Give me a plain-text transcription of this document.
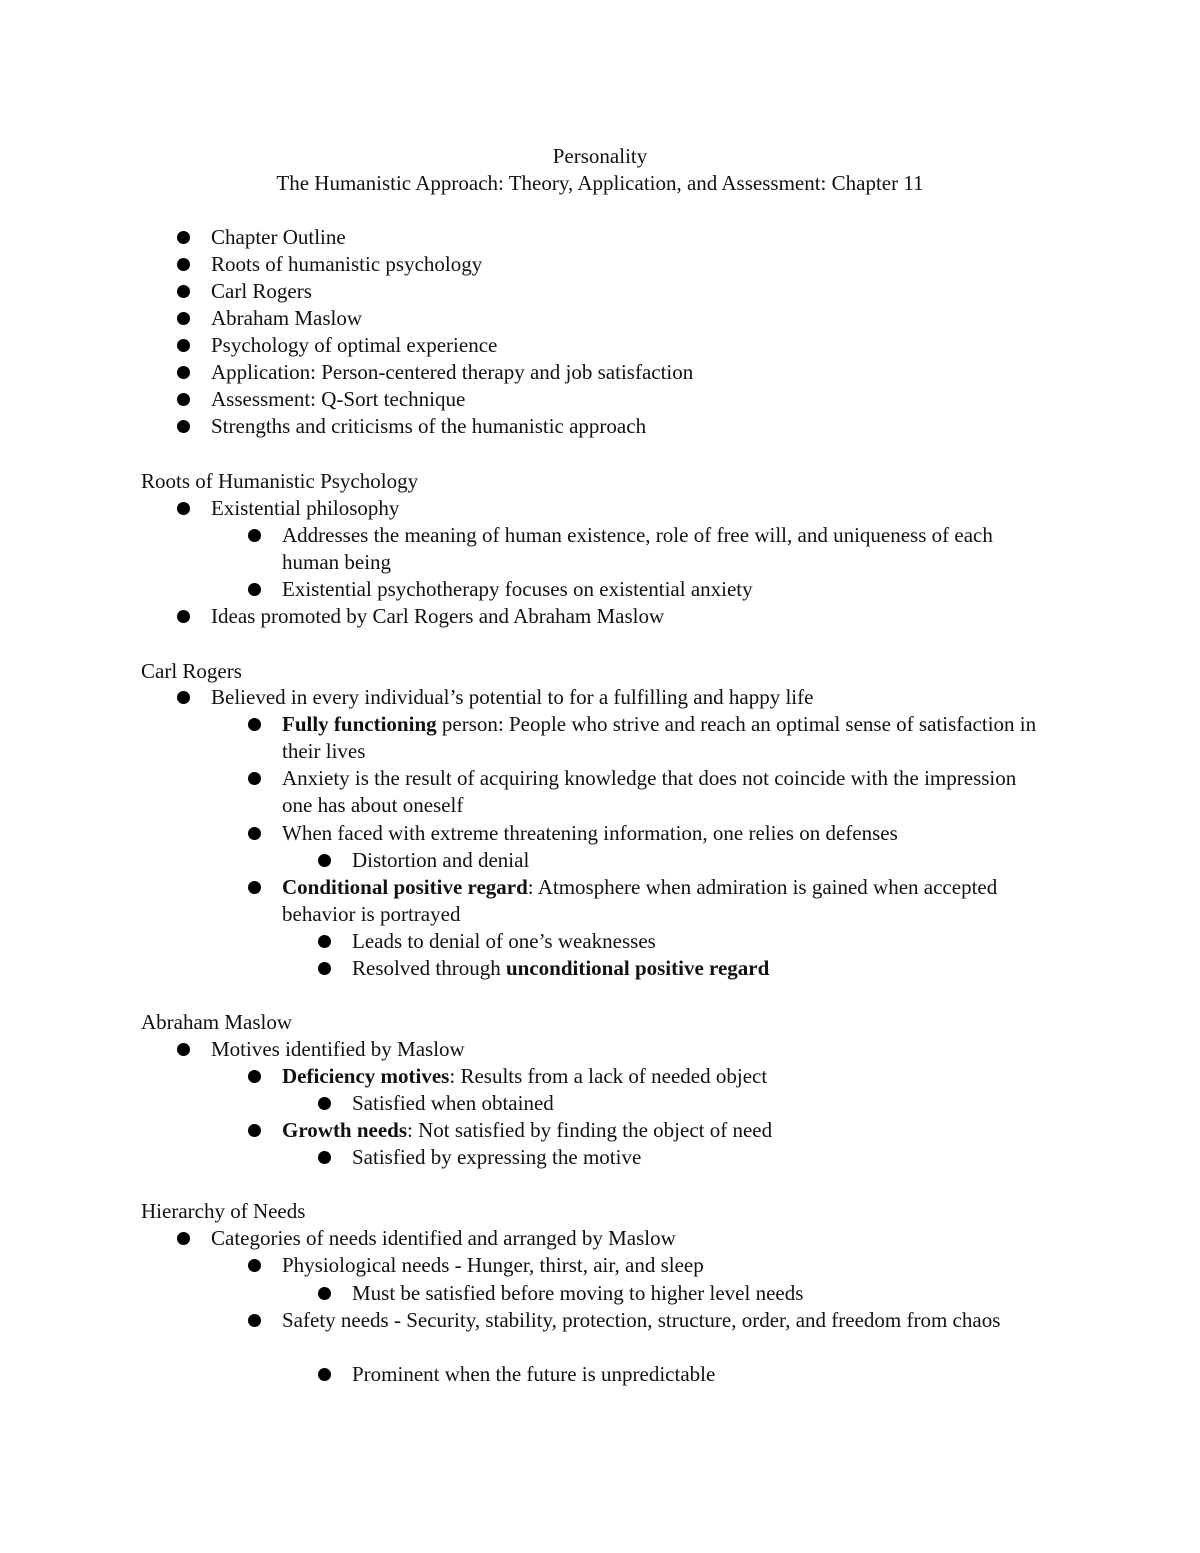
Personality
The Humanistic Approach: Theory, Application, and Assessment: Chapter 11
Chapter Outline
Roots of humanistic psychology
Carl Rogers
Abraham Maslow
Psychology of optimal experience
Application: Person-centered therapy and job satisfaction
Assessment: Q-Sort technique
Strengths and criticisms of the humanistic approach
Roots of Humanistic Psychology
Existential philosophy
Addresses the meaning of human existence, role of free will, and uniqueness of each human being
Existential psychotherapy focuses on existential anxiety
Ideas promoted by Carl Rogers and Abraham Maslow
Carl Rogers
Believed in every individual’s potential to for a fulfilling and happy life
Fully functioning person: People who strive and reach an optimal sense of satisfaction in their lives
Anxiety is the result of acquiring knowledge that does not coincide with the impression one has about oneself
When faced with extreme threatening information, one relies on defenses
Distortion and denial
Conditional positive regard: Atmosphere when admiration is gained when accepted behavior is portrayed
Leads to denial of one’s weaknesses
Resolved through unconditional positive regard
Abraham Maslow
Motives identified by Maslow
Deficiency motives: Results from a lack of needed object
Satisfied when obtained
Growth needs: Not satisfied by finding the object of need
Satisfied by expressing the motive
Hierarchy of Needs
Categories of needs identified and arranged by Maslow
Physiological needs - Hunger, thirst, air, and sleep
Must be satisfied before moving to higher level needs
Safety needs - Security, stability, protection, structure, order, and freedom from chaos
Prominent when the future is unpredictable
